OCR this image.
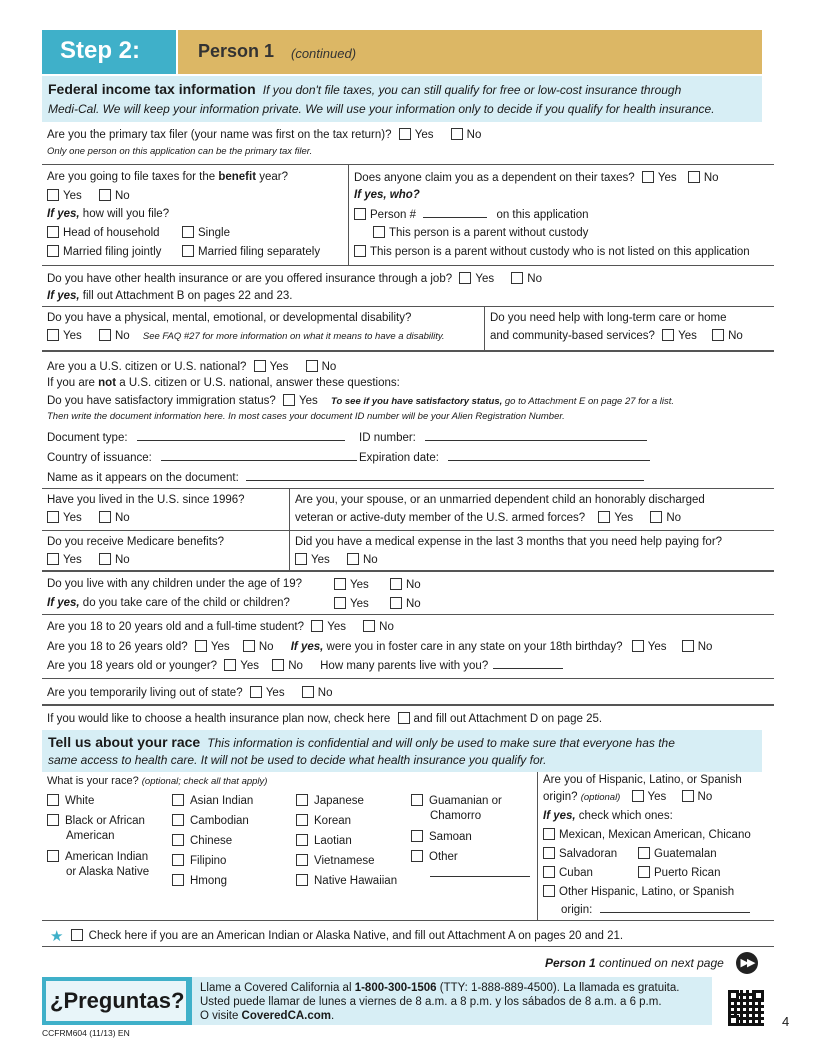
Step 2:	Person 1 (continued)
Federal income tax information If you don't file taxes, you can still qualify for free or low-cost insurance through
Medi-Cal. We will keep your information private. We will use your information only to decide if you qualify for health insurance.
Are you the primary tax filer (your name was first on the tax return)? Yes	No
Only one person on this application can be the primary tax filer.
Are you going to file taxes for the benefit year?
Yes	No
If yes, how will you file?
Head of household	Single
Married filing jointly	Married filing separately
Does anyone claim you as a dependent on their taxes? Yes No
If yes, who?
Person #	on this application
This person is a parent without custody
This person is a parent without custody who is not listed on this application
Do you have other health insurance or are you offered insurance through a job? Yes	No
If yes, fill out Attachment B on pages 22 and 23.
Do you have a physical, mental, emotional, or developmental disability?
Yes	No See FAQ #27 for more information on what it means to have a disability.
Do you need help with long-term care or home
and community-based services? Yes	No
Are you a U.S. citizen or U.S. national? Yes	No
If you are not a U.S. citizen or U.S. national, answer these questions:
Do you have satisfactory immigration status? Yes To see if you have satisfactory status, go to Attachment E on page 27 for a list.
Then write the document information here. In most cases your document ID number will be your Alien Registration Number.
Document type:	ID number:
Country of issuance:	Expiration date:
Name as it appears on the document:
Have you lived in the U.S. since 1996?
Yes	No
Are you, your spouse, or an unmarried dependent child an honorably discharged
veteran or active-duty member of the U.S. armed forces?	Yes	No
Do you receive Medicare benefits?
Yes	No
Did you have a medical expense in the last 3 months that you need help paying for?
Yes	No
Do you live with any children under the age of 19?	Yes	No
If yes, do you take care of the child or children?	Yes	No
Are you 18 to 20 years old and a full-time student? Yes	No
Are you 18 to 26 years old? Yes	No If yes, were you in foster care in any state on your 18th birthday? Yes	No
Are you 18 years old or younger? Yes	No How many parents live with you?
Are you temporarily living out of state? Yes	No
If you would like to choose a health insurance plan now, check here and fill out Attachment D on page 25.
Tell us about your race This information is confidential and will only be used to make sure that everyone has the
same access to health care. It will not be used to decide what health insurance you qualify for.
What is your race? (optional; check all that apply)
White
Black or African
American
American Indian
or Alaska Native
Asian Indian
Cambodian
Chinese
Filipino
Hmong
Japanese
Korean
Laotian
Vietnamese
Native Hawaiian
Guamanian or
Chamorro
Samoan
Other
Are you of Hispanic, Latino, or Spanish
origin? (optional) Yes	No
If yes, check which ones:
Mexican, Mexican American, Chicano
Salvadoran	Guatemalan
Cuban	Puerto Rican
Other Hispanic, Latino, or Spanish
origin:
★ Check here if you are an American Indian or Alaska Native, and fill out Attachment A on pages 20 and 21.
Person 1 continued on next page	▶▶
¿Preguntas? Llame a Covered California al 1-800-300-1506 (TTY: 1-888-889-4500). La llamada es gratuita.
Usted puede llamar de lunes a viernes de 8 a.m. a 8 p.m. y los sábados de 8 a.m. a 6 p.m.
O visite CoveredCA.com.	4
CCFRM604 (11/13) EN
